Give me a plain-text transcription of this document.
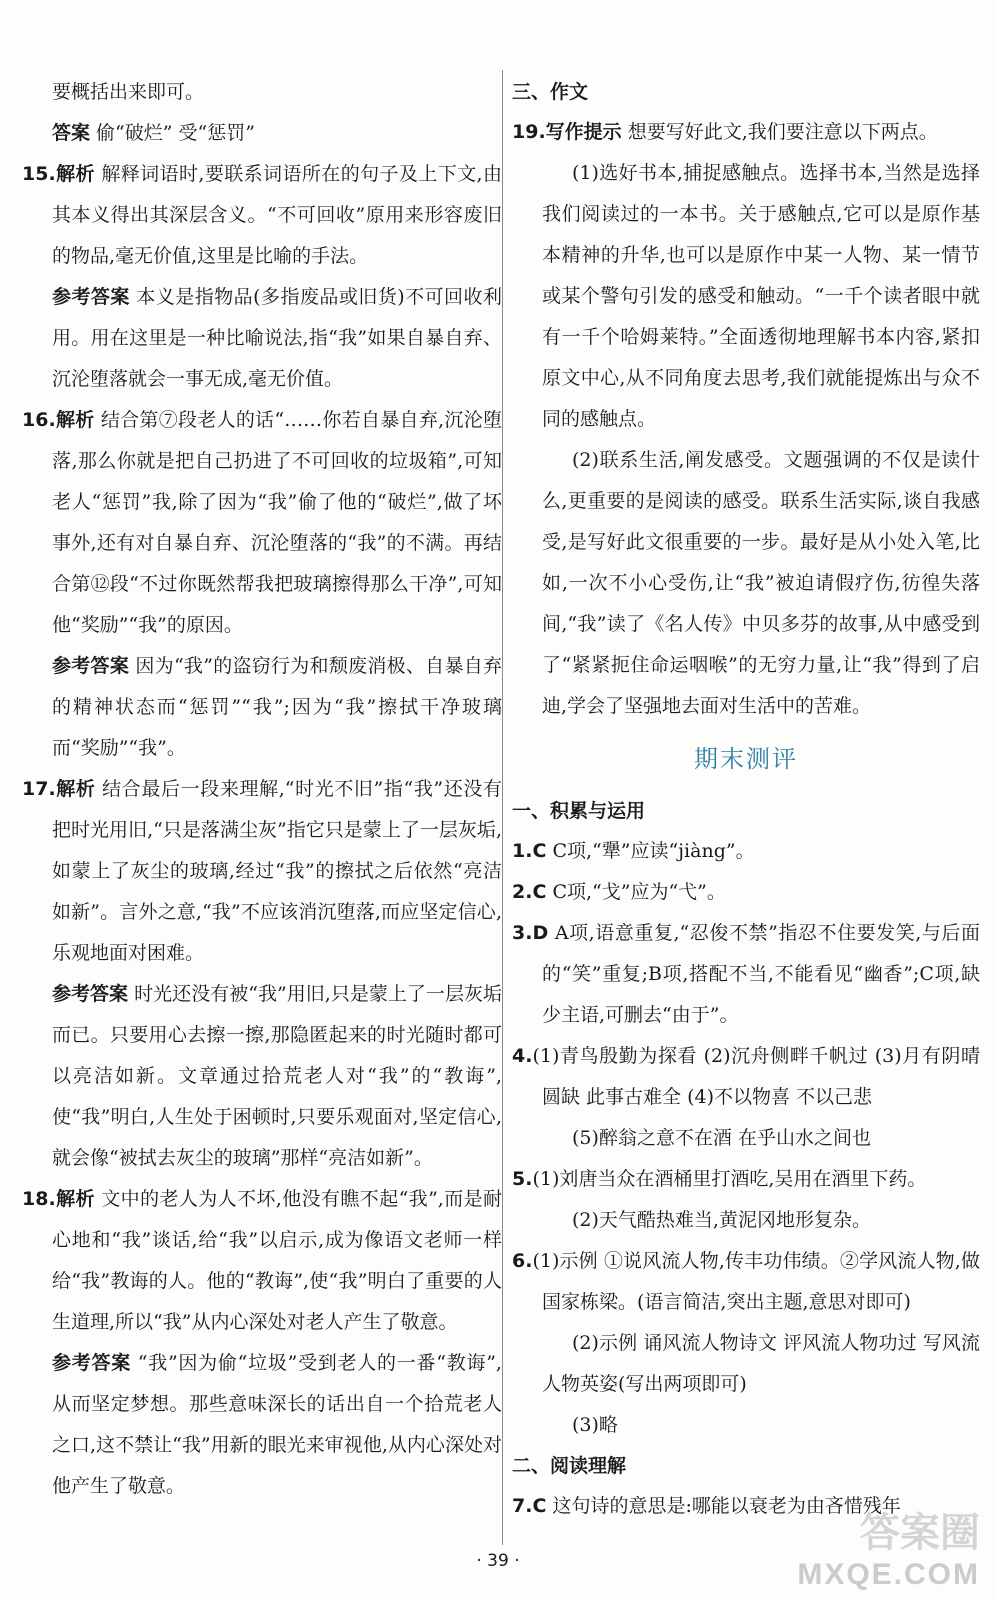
要概括出来即可。

答案 偷“破烂” 受“惩罚”

15.解析 解释词语时,要联系词语所在的句子及上下文,由其本义得出其深层含义。“不可回收”原用来形容废旧的物品,毫无价值,这里是比喻的手法。

参考答案 本义是指物品(多指废品或旧货)不可回收利用。用在这里是一种比喻说法,指“我”如果自暴自弃、沉沦堕落就会一事无成,毫无价值。

16.解析 结合第⑦段老人的话“……你若自暴自弃,沉沦堕落,那么你就是把自己扔进了不可回收的垃圾箱”,可知老人“惩罚”我,除了因为“我”偷了他的“破烂”,做了坏事外,还有对自暴自弃、沉沦堕落的“我”的不满。再结合第⑫段“不过你既然帮我把玻璃擦得那么干净”,可知他“奖励”“我”的原因。

参考答案 因为“我”的盗窃行为和颓废消极、自暴自弃的精神状态而“惩罚”“我”;因为“我”擦拭干净玻璃而“奖励”“我”。

17.解析 结合最后一段来理解,“时光不旧”指“我”还没有把时光用旧,“只是落满尘灰”指它只是蒙上了一层灰垢,如蒙上了灰尘的玻璃,经过“我”的擦拭之后依然“亮洁如新”。言外之意,“我”不应该消沉堕落,而应坚定信心,乐观地面对困难。

参考答案 时光还没有被“我”用旧,只是蒙上了一层灰垢而已。只要用心去擦一擦,那隐匿起来的时光随时都可以亮洁如新。文章通过拾荒老人对“我”的“教诲”,使“我”明白,人生处于困顿时,只要乐观面对,坚定信心,就会像“被拭去灰尘的玻璃”那样“亮洁如新”。

18.解析 文中的老人为人不坏,他没有瞧不起“我”,而是耐心地和“我”谈话,给“我”以启示,成为像语文老师一样给“我”教诲的人。他的“教诲”,使“我”明白了重要的人生道理,所以“我”从内心深处对老人产生了敬意。

参考答案 “我”因为偷“垃圾”受到老人的一番“教诲”,从而坚定梦想。那些意味深长的话出自一个拾荒老人之口,这不禁让“我”用新的眼光来审视他,从内心深处对他产生了敬意。

三、作文

19.写作提示 想要写好此文,我们要注意以下两点。

(1)选好书本,捕捉感触点。选择书本,当然是选择我们阅读过的一本书。关于感触点,它可以是原作基本精神的升华,也可以是原作中某一人物、某一情节或某个警句引发的感受和触动。“一千个读者眼中就有一千个哈姆莱特。”全面透彻地理解书本内容,紧扣原文中心,从不同角度去思考,我们就能提炼出与众不同的感触点。

(2)联系生活,阐发感受。文题强调的不仅是读什么,更重要的是阅读的感受。联系生活实际,谈自我感受,是写好此文很重要的一步。最好是从小处入笔,比如,一次不小心受伤,让“我”被迫请假疗伤,彷徨失落间,“我”读了《名人传》中贝多芬的故事,从中感受到了“紧紧扼住命运咽喉”的无穷力量,让“我”得到了启迪,学会了坚强地去面对生活中的苦难。

期末测评

一、积累与运用

1.C C项,“犟”应读“jiàng”。

2.C C项,“戈”应为“弋”。

3.D A项,语意重复,“忍俊不禁”指忍不住要发笑,与后面的“笑”重复;B项,搭配不当,不能看见“幽香”;C项,缺少主语,可删去“由于”。

4.(1)青鸟殷勤为探看 (2)沉舟侧畔千帆过 (3)月有阴晴圆缺 此事古难全 (4)不以物喜 不以己悲

(5)醉翁之意不在酒 在乎山水之间也

5.(1)刘唐当众在酒桶里打酒吃,吴用在酒里下药。

(2)天气酷热难当,黄泥冈地形复杂。

6.(1)示例 ①说风流人物,传丰功伟绩。②学风流人物,做国家栋梁。(语言简洁,突出主题,意思对即可)

(2)示例 诵风流人物诗文 评风流人物功过 写风流人物英姿(写出两项即可)

(3)略

二、阅读理解

7.C 这句诗的意思是:哪能以衰老为由吝惜残年

· 39 ·
答案圈
MXQE.COM
